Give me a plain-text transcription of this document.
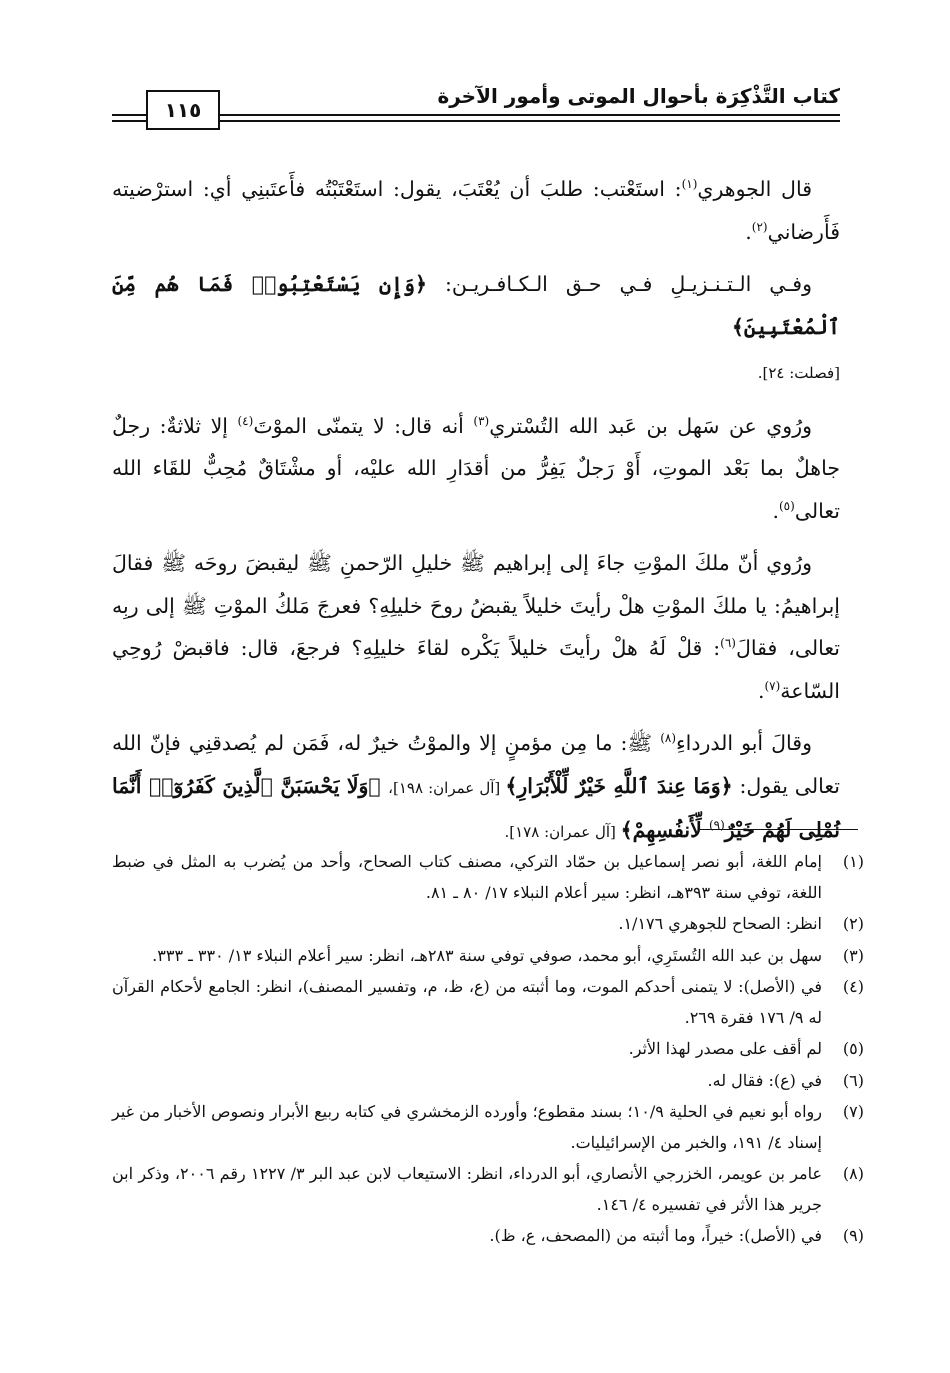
كتاب التَّذْكِرَة بأحوال الموتى وأمور الآخرة
١١٥

قال الجوهري$^{(١)}$: استَعْتب: طلبَ أن يُعْتَبَ، يقول: استَعْتَبْتُه فأَعتَبنِي أي: استرْضيته فَأَرضاني$^{(٢)}$.

وفـي الـتـنـزيـلِ فـي حـق الـكـافـريـن: ﴿وَإِن يَسْتَعْتِبُوا۟ فَمَا هُم مِّنَ ٱلْمُعْتَبِينَ﴾

[فصلت: ٢٤].

ورُوي عن سَهل بن عَبد الله التُسْتري$^{(٣)}$ أنه قال: لا يتمنّى الموْتَ$^{(٤)}$ إلا ثلاثةٌ: رجلٌ جاهلٌ بما بَعْد الموتِ، أَوْ رَجلٌ يَفِرُّ من أقدَارِ الله عليْه، أو مشْتَاقٌ مُحِبٌّ للقَاء الله تعالى$^{(٥)}$.

ورُوي أنّ ملكَ الموْتِ جاءَ إلى إبراهيم ﷺ خليلِ الرّحمنِ ﷺ ليقبضَ روحَه ﷺ فقالَ إبراهيمُ: يا ملكَ الموْتِ هلْ رأيتَ خليلاً يقبضُ روحَ خليلِهِ؟ فعرجَ مَلكُ الموْتِ ﷺ إلى ربِه تعالى، فقالَ$^{(٦)}$: قلْ لَهُ هلْ رأيتَ خليلاً يَكْره لقاءَ خليلِهِ؟ فرجعَ، قال: فاقبضْ رُوحِي السّاعة$^{(٧)}$.

وقالَ أبو الدرداءِ$^{(٨)}$ ﷺ: ما مِن مؤمنٍ إلا والموْتُ خيرٌ له، فَمَن لم يُصدقنِي فإنّ الله تعالى يقول: ﴿وَمَا عِندَ ٱللَّهِ خَيْرٌ لِّلْأَبْرَارِ﴾ [آل عمران: ١٩٨]، ﴿وَلَا يَحْسَبَنَّ ٱلَّذِينَ كَفَرُوٓا۟ أَنَّمَا نُمْلِى لَهُمْ خَيْرٌ$^{(٩)}$ لِّأَنفُسِهِمْ﴾ [آل عمران: ١٧٨].

(١)
إمام اللغة، أبو نصر إسماعيل بن حمّاد التركي، مصنف كتاب الصحاح، وأحد من يُضرب به المثل في ضبط اللغة، توفي سنة ٣٩٣هـ، انظر: سير أعلام النبلاء ١٧/ ٨٠ ـ ٨١.
(٢)
انظر: الصحاح للجوهري ١/١٧٦.
(٣)
سهل بن عبد الله التُستَرِي، أبو محمد، صوفي توفي سنة ٢٨٣هـ، انظر: سير أعلام النبلاء ١٣/ ٣٣٠ ـ ٣٣٣.
(٤)
في (الأصل): لا يتمنى أحدكم الموت، وما أثبته من (ع، ظ، م، وتفسير المصنف)، انظر: الجامع لأحكام القرآن له ٩/ ١٧٦ فقرة ٢٦٩.
(٥)
لم أقف على مصدر لهذا الأثر.
(٦)
في (ع): فقال له.
(٧)
رواه أبو نعيم في الحلية ١٠/٩؛ بسند مقطوع؛ وأورده الزمخشري في كتابه ربيع الأبرار ونصوص الأخبار من غير إسناد ٤/ ١٩١، والخبر من الإسرائيليات.
(٨)
عامر بن عويمر، الخزرجي الأنصاري، أبو الدرداء، انظر: الاستيعاب لابن عبد البر ٣/ ١٢٢٧ رقم ٢٠٠٦، وذكر ابن جرير هذا الأثر في تفسيره ٤/ ١٤٦.
(٩)
في (الأصل): خيراً، وما أثبته من (المصحف، ع، ظ).
